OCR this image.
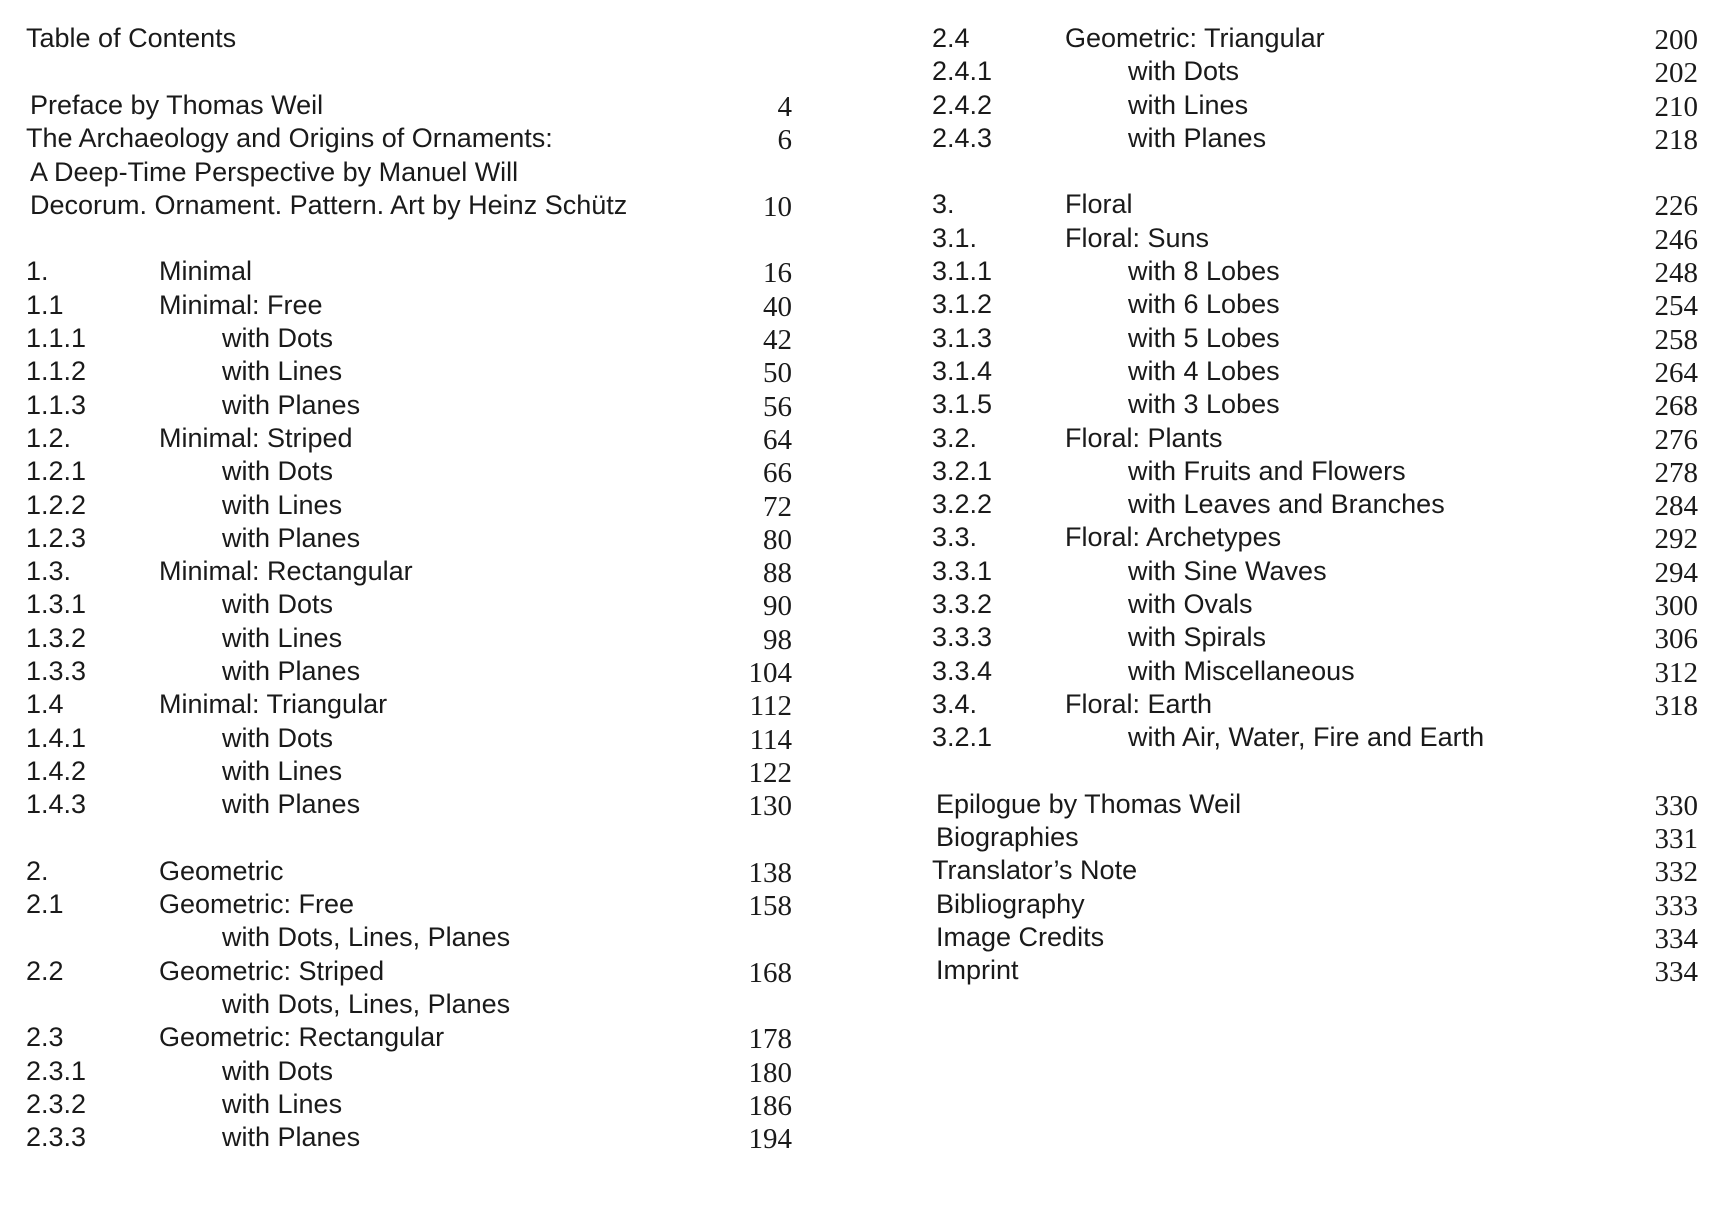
Table of Contents
Preface by Thomas Weil	4
The Archaeology and Origins of Ornaments:	6
A Deep-Time Perspective by Manuel Will
Decorum. Ornament. Pattern. Art by Heinz Schütz	10
1.	Minimal	16
1.1	Minimal: Free	40
1.1.1	with Dots	42
1.1.2	with Lines	50
1.1.3	with Planes	56
1.2.	Minimal: Striped	64
1.2.1	with Dots	66
1.2.2	with Lines	72
1.2.3	with Planes	80
1.3.	Minimal: Rectangular	88
1.3.1	with Dots	90
1.3.2	with Lines	98
1.3.3	with Planes	104
1.4	Minimal: Triangular	112
1.4.1	with Dots	114
1.4.2	with Lines	122
1.4.3	with Planes	130
2.	Geometric	138
2.1	Geometric: Free	158
with Dots, Lines, Planes
2.2	Geometric: Striped	168
with Dots, Lines, Planes
2.3	Geometric: Rectangular	178
2.3.1	with Dots	180
2.3.2	with Lines	186
2.3.3	with Planes	194
2.4	Geometric: Triangular	200
2.4.1	with Dots	202
2.4.2	with Lines	210
2.4.3	with Planes	218
3.	Floral	226
3.1.	Floral: Suns	246
3.1.1	with 8 Lobes	248
3.1.2	with 6 Lobes	254
3.1.3	with 5 Lobes	258
3.1.4	with 4 Lobes	264
3.1.5	with 3 Lobes	268
3.2.	Floral: Plants	276
3.2.1	with Fruits and Flowers	278
3.2.2	with Leaves and Branches	284
3.3.	Floral: Archetypes	292
3.3.1	with Sine Waves	294
3.3.2	with Ovals	300
3.3.3	with Spirals	306
3.3.4	with Miscellaneous	312
3.4.	Floral: Earth	318
3.2.1	with Air, Water, Fire and Earth
Epilogue by Thomas Weil	330
Biographies	331
Translator’s Note	332
Bibliography	333
Image Credits	334
Imprint	334
